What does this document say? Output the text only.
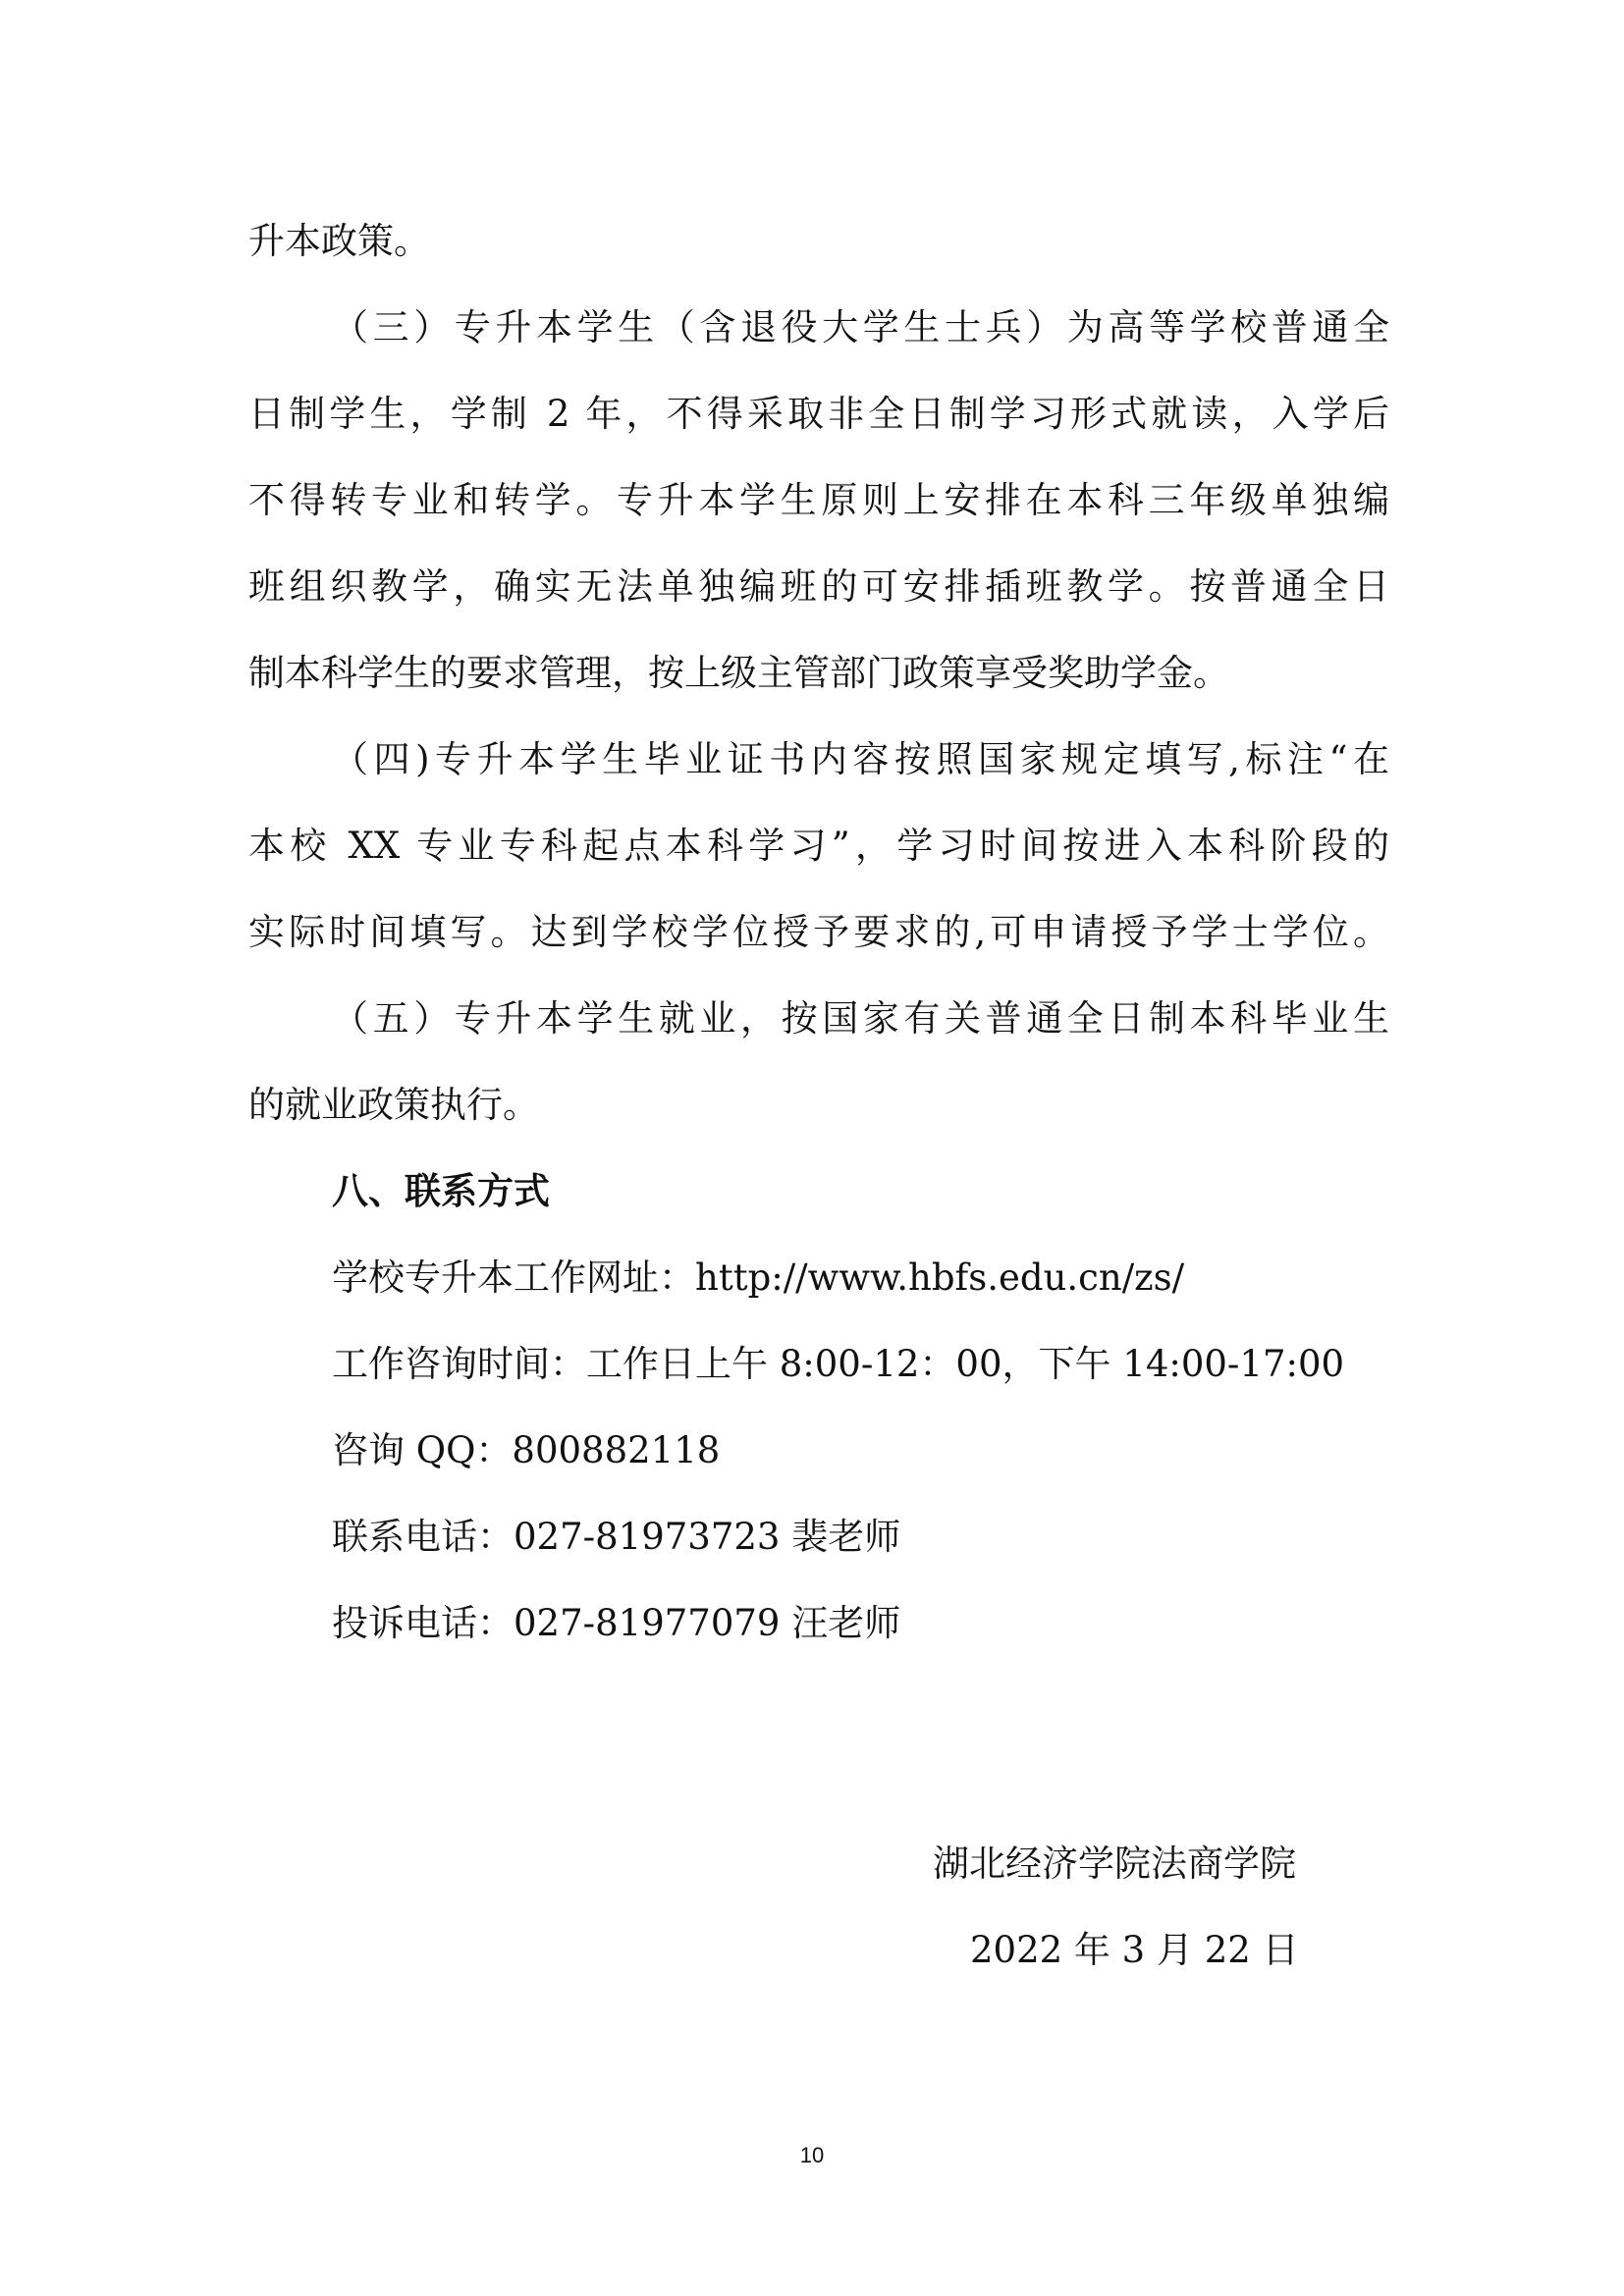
升本政策。

（三）专升本学生（含退役大学生士兵）为高等学校普通全

日制学生，学制 2 年，不得采取非全日制学习形式就读，入学后

不得转专业和转学。专升本学生原则上安排在本科三年级单独编

班组织教学，确实无法单独编班的可安排插班教学。按普通全日

制本科学生的要求管理，按上级主管部门政策享受奖助学金。

（四)专升本学生毕业证书内容按照国家规定填写,标注“在

本校 XX 专业专科起点本科学习”，学习时间按进入本科阶段的

实际时间填写。达到学校学位授予要求的,可申请授予学士学位。

（五）专升本学生就业，按国家有关普通全日制本科毕业生

的就业政策执行。

八、联系方式

学校专升本工作网址：http://www.hbfs.edu.cn/zs/

工作咨询时间：工作日上午 8:00-12：00，下午 14:00-17:00

咨询 QQ：800882118

联系电话：027-81973723 裴老师

投诉电话：027-81977079 汪老师

湖北经济学院法商学院
2022 年 3 月 22 日
10
